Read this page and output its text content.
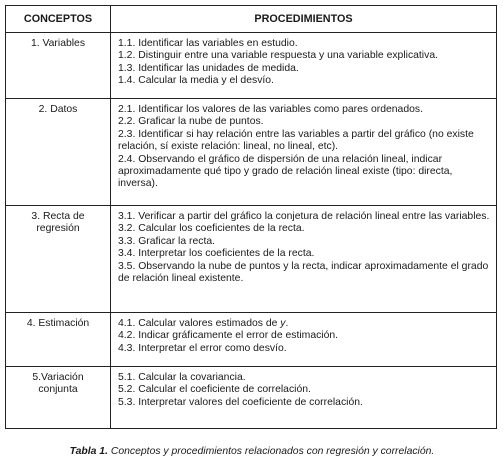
CONCEPTOS	PROCEDIMIENTOS

1. Variables	1.1. Identificar las variables en estudio.
1.2. Distinguir entre una variable respuesta y una variable explicativa.
1.3. Identificar las unidades de medida.
1.4. Calcular la media y el desvío.

2. Datos	2.1. Identificar los valores de las variables como pares ordenados.
2.2. Graficar la nube de puntos.
2.3. Identificar si hay relación entre las variables a partir del gráfico (no existe relación, sí existe relación: lineal, no lineal, etc).
2.4. Observando el gráfico de dispersión de una relación lineal, indicar aproximadamente qué tipo y grado de relación lineal existe (tipo: directa, inversa).

3. Recta de regresión	3.1. Verificar a partir del gráfico la conjetura de relación lineal entre las variables.
3.2. Calcular los coeficientes de la recta.
3.3. Graficar la recta.
3.4. Interpretar los coeficientes de la recta.
3.5. Observando la nube de puntos y la recta, indicar aproximadamente el grado de relación lineal existente.

4. Estimación	4.1. Calcular valores estimados de y.
4.2. Indicar gráficamente el error de estimación.
4.3. Interpretar el error como desvío.

5.Variación conjunta	5.1. Calcular la covariancia.
5.2. Calcular el coeficiente de correlación.
5.3. Interpretar valores del coeficiente de correlación.
Tabla 1. Conceptos y procedimientos relacionados con regresión y correlación.
